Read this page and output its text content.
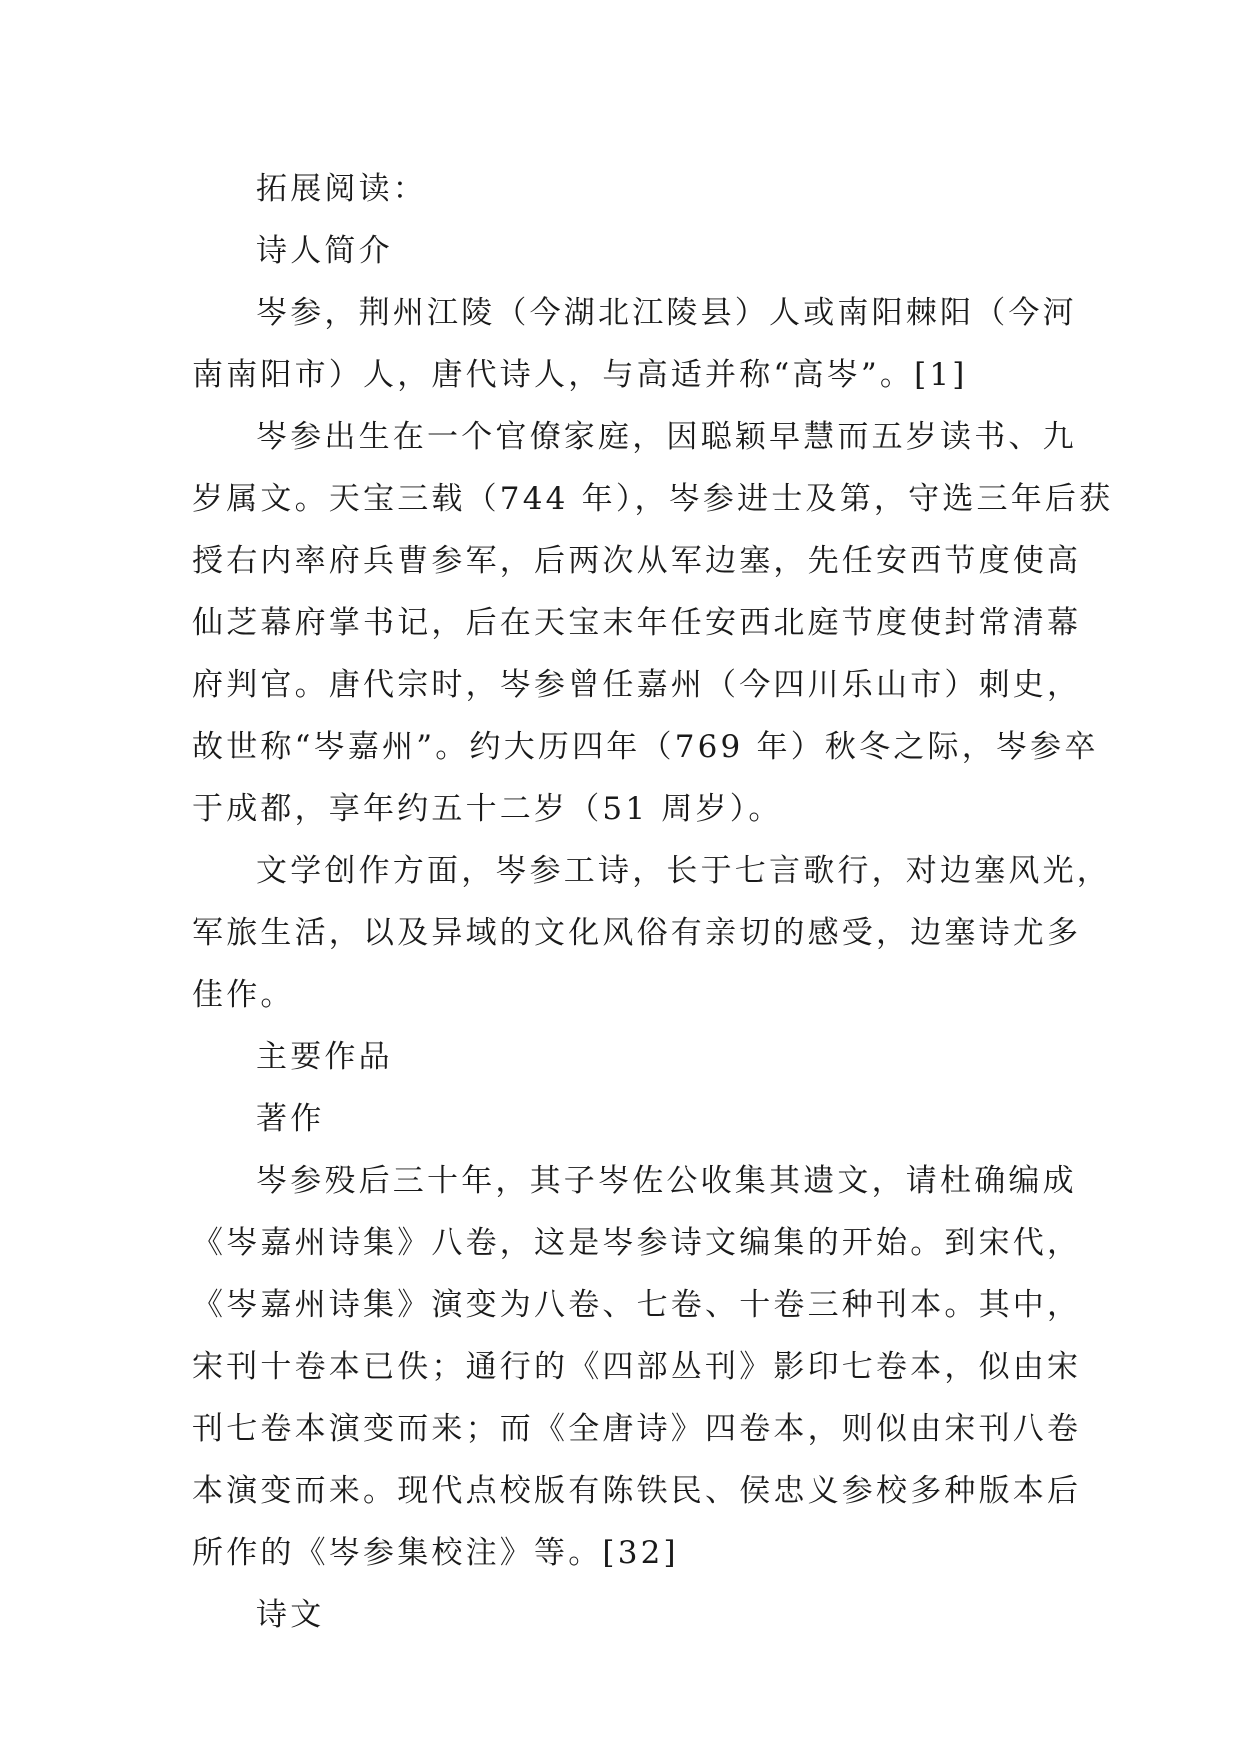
拓展阅读：
诗人简介
岑参，荆州江陵（今湖北江陵县）人或南阳棘阳（今河
南南阳市）人，唐代诗人，与高适并称“高岑”。[1]
岑参出生在一个官僚家庭，因聪颖早慧而五岁读书、九
岁属文。天宝三载（744 年），岑参进士及第，守选三年后获
授右内率府兵曹参军，后两次从军边塞，先任安西节度使高
仙芝幕府掌书记，后在天宝末年任安西北庭节度使封常清幕
府判官。唐代宗时，岑参曾任嘉州（今四川乐山市）刺史，
故世称“岑嘉州”。约大历四年（769 年）秋冬之际，岑参卒
于成都，享年约五十二岁（51 周岁）。
文学创作方面，岑参工诗，长于七言歌行，对边塞风光，
军旅生活，以及异域的文化风俗有亲切的感受，边塞诗尤多
佳作。
主要作品
著作
岑参殁后三十年，其子岑佐公收集其遗文，请杜确编成
《岑嘉州诗集》八卷，这是岑参诗文编集的开始。到宋代，
《岑嘉州诗集》演变为八卷、七卷、十卷三种刊本。其中，
宋刊十卷本已佚；通行的《四部丛刊》影印七卷本，似由宋
刊七卷本演变而来；而《全唐诗》四卷本，则似由宋刊八卷
本演变而来。现代点校版有陈铁民、侯忠义参校多种版本后
所作的《岑参集校注》等。[32]
诗文
